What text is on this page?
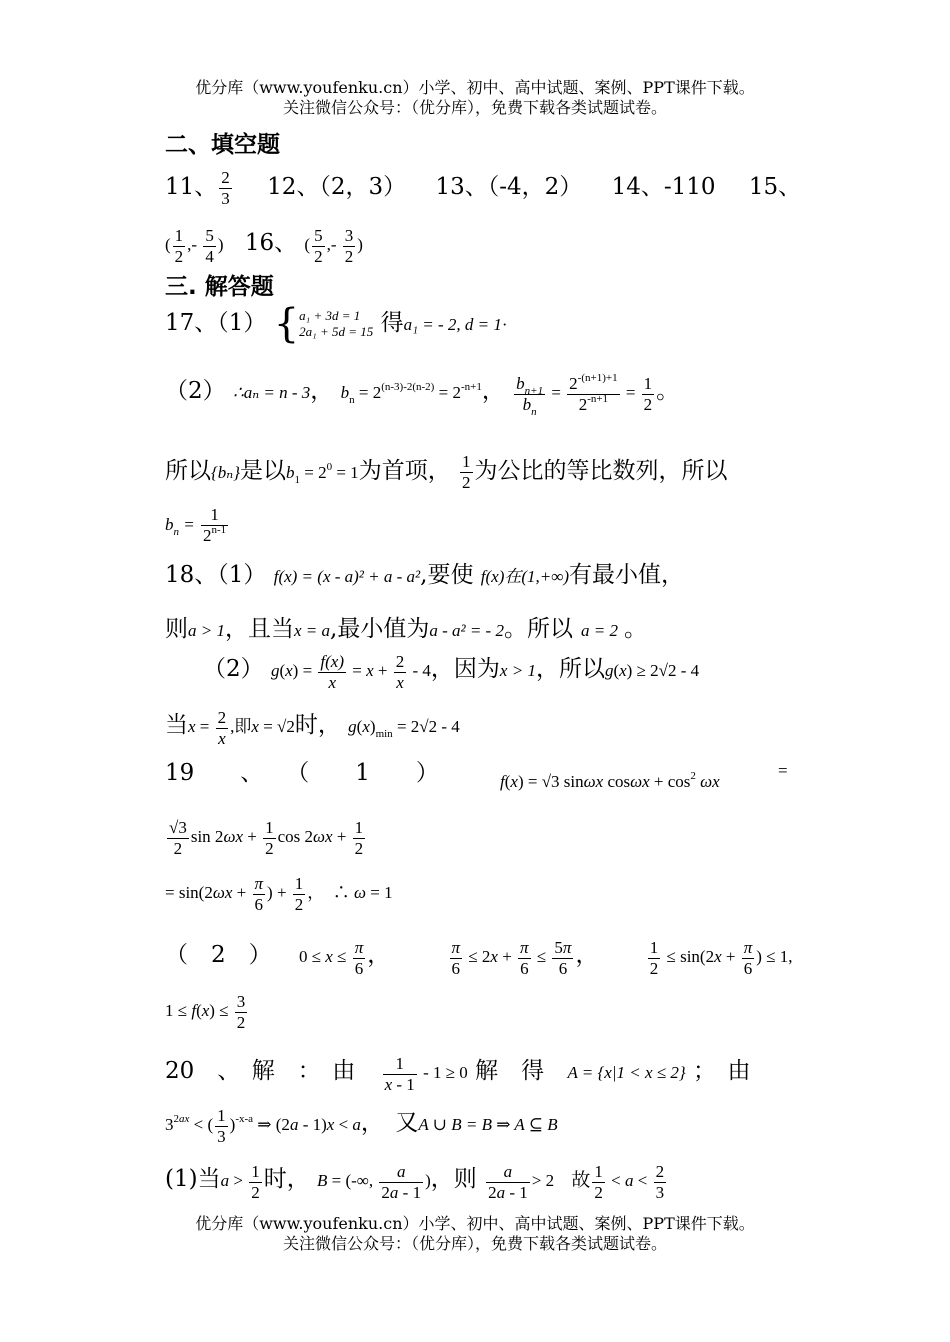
优分库（www.youfenku.cn）小学、初中、高中试题、案例、PPT课件下载。
关注微信公众号：（优分库），免费下载各类试题试卷。
二、填空题
11、 $\frac{2}{3} 12$、（2，3） 13、（-4，2） 14、-110 15、
( $\frac{1}{2}$ ,- $\frac{5}{4}$ ) 16、 ( $\frac{5}{2}$ ,- $\frac{3}{2}$ )
三. 解答题
17、（1） { a₁ + 3d = 1
2a₁ + 5d = 15 得a₁ = - 2, d = 1·
（2） ∴aₙ = n - 3， $b_n = 2^{(n-3)-2(n-2)} = 2^{-n+1}$， $\frac{b_{n+1}}{b_n} = \frac{2^{-(n+1)+1}}{2^{-n+1}} = \frac{1}{2}$ 。
所以{bₙ}是以$b_1 = 2^0 = 1$为首项， $\frac{1}{2}$ 为公比的等比数列，所以
$b_n = \frac{1}{2^{n-1}}$
18、（1） f(x) = (x - a)² + a - a²,要使 f(x)在(1,+∞)有最小值，
则a > 1，且当x = a,最小值为a - a² = - 2。所以 a = 2 。
（2） $g(x) = \frac{f(x)}{x} = x + \frac{2}{x} - 4$，因为x > 1，所以g(x) ≥ 2√2 - 4
当$x = \frac{2}{x}$ ,即x = √2时， $g(x)_{min} = 2√2 - 4$
19　　、　　（　　1　　）	f(x) = √3 sinωx $\cos\omega x + \cos^2 \omega x$
=
$\frac{√3}{2}$ $\sin 2\omega x + \frac{1}{2}$ $\cos 2\omega x + \frac{1}{2}$
= $\sin(2\omega x + \frac{\pi}{6}$ ) + $\frac{1}{2}$ ，　∴ ω = 1
（　2　） $0 \le x \le \frac{\pi}{6}$ ，	$\frac{\pi}{6} \le 2x + \frac{\pi}{6} \le \frac{5\pi}{6}$ ， $\frac{1}{2} \le \sin(2x + \frac{\pi}{6}$ ) ≤ 1,
$1 \le f(x) \le \frac{3}{2}$
20　、　解　：　由 $\frac{1}{x - 1} - 1 \ge 0$ 解　得 A = {x|1 < x ≤ 2} ；　由
$3^{2ax}$ < ( $\frac{1}{3} )^{-x-a}$ ⇒ (2a - 1)x < a，　又A ∪ B = B ⇒ A ⊆ B
(1)当$a > \frac{1}{2}$ 时， B = (-∞, $\frac{a}{2a - 1}$ )，则 $\frac{a}{2a - 1} > 2$ 故 $\frac{1}{2} < a < \frac{2}{3}$
优分库（www.youfenku.cn）小学、初中、高中试题、案例、PPT课件下载。
关注微信公众号：（优分库），免费下载各类试题试卷。
